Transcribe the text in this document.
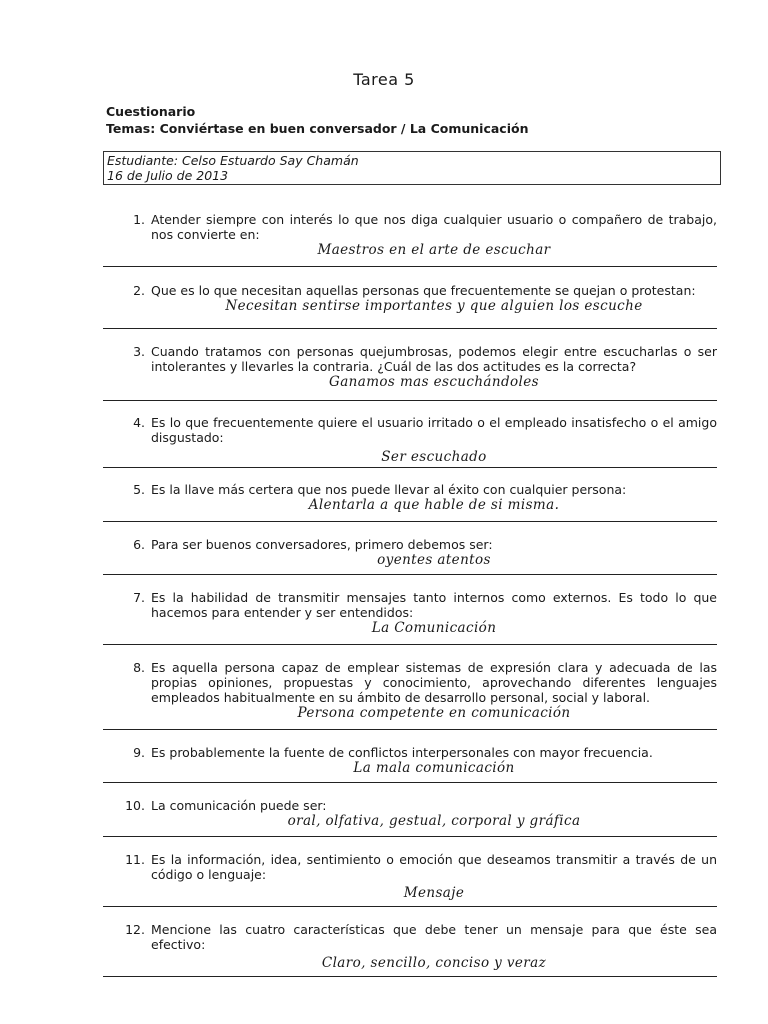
Tarea 5
Cuestionario
Temas: Conviértase en buen conversador / La Comunicación
Estudiante: Celso Estuardo Say Chamán
16 de Julio de 2013
1. Atender siempre con interés lo que nos diga cualquier usuario o compañero de trabajo, nos convierte en:
Maestros en el arte de escuchar
2. Que es lo que necesitan aquellas personas que frecuentemente se quejan o protestan:
Necesitan sentirse importantes y que alguien los escuche
3. Cuando tratamos con personas quejumbrosas, podemos elegir entre escucharlas o ser intolerantes y llevarles la contraria. ¿Cuál de las dos actitudes es la correcta?
Ganamos mas escuchándoles
4. Es lo que frecuentemente quiere el usuario irritado o el empleado insatisfecho o el amigo disgustado:
Ser escuchado
5. Es la llave más certera que nos puede llevar al éxito con cualquier persona:
Alentarla a que hable de si misma.
6. Para ser buenos conversadores, primero debemos ser:
oyentes atentos
7. Es la habilidad de transmitir mensajes tanto internos como externos. Es todo lo que hacemos para entender y ser entendidos:
La Comunicación
8. Es aquella persona capaz de emplear sistemas de expresión clara y adecuada de las propias opiniones, propuestas y conocimiento, aprovechando diferentes lenguajes empleados habitualmente en su ámbito de desarrollo personal, social y laboral.
Persona competente en comunicación
9. Es probablemente la fuente de conflictos interpersonales con mayor frecuencia.
La mala comunicación
10. La comunicación puede ser:
oral, olfativa, gestual, corporal y gráfica
11. Es la información, idea, sentimiento o emoción que deseamos transmitir a través de un código o lenguaje:
Mensaje
12. Mencione las cuatro características que debe tener un mensaje para que éste sea efectivo:
Claro, sencillo, conciso y veraz
